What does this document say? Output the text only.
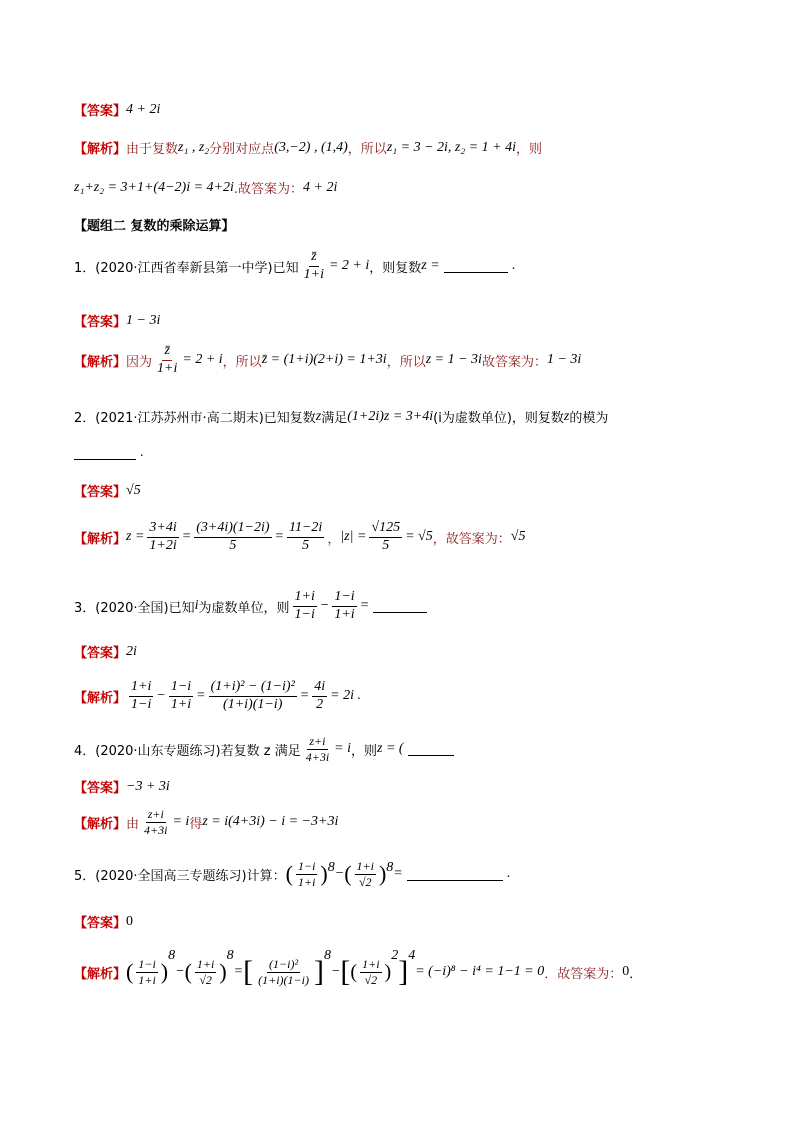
【答案】 4 + 2i
【解析】 由于复数 z₁ , z₂ 分别对应点 (3,−2) , (1,4) ，所以 z₁ = 3 − 2i, z₂ = 1 + 4i ，则
z₁+z₂ = 3+1+(4−2)i = 4+2i .故答案为： 4 + 2i
【题组二 复数的乘除运算】
1．(2020·江西省奉新县第一中学)已知 $\frac{z̄}{1+i} = 2 + i$ ，则复数 z =	.
【答案】 1 − 3i
【解析】 因为 $\frac{z̄}{1+i} = 2 + i$ ，所以 z̄ = (1+i)(2+i) = 1+3i ，所以 z = 1 − 3i 故答案为： 1 − 3i
2．(2021·江苏苏州市·高二期末)已知复数 z 满足 (1+2i)z = 3+4i (i为虚数单位)，则复数 z 的模为
.
【答案】 √5
【解析】 $z = \frac{3+4i}{1+2i} = \frac{(3+4i)(1-2i)}{5} = \frac{11-2i}{5}$ ， $|z| = \frac{√125}{5} = √5$ ，故答案为： √5
3．(2020·全国)已知 i 为虚数单位，则 $\frac{1+i}{1-i} - \frac{1-i}{1+i}$ =
【答案】 2i
【解析】 $\frac{1+i}{1-i} - \frac{1-i}{1+i} = \frac{\text{(1+i)² − (1−i)²}}{(1+i)(1-i)} = \frac{4i}{2} = 2i$ .
4．(2020·山东专题练习)若复数 z 满足 $\frac{z+i}{4+3i} = i$ ，则 z = (
【答案】 −3 + 3i
【解析】 由 $\frac{z+i}{4+3i} = i$ 得 z = i(4+3i) − i = −3+3i
5．(2020·全国高三专题练习)计算： ( $\frac{1-i}{1+i}$ ) 8 − ( $\frac{1+i}{√2}$ ) 8 =	.
【答案】 0
【解析】 ( $\frac{1-i}{1+i}$ )
8
− ( $\frac{1+i}{√2}$ )
8
= [ $\frac{\text{(1−i)²}}{(1+i)(1-i)}$ ] 8
− [ ( $\frac{1+i}{√2}$ )
2 ] 4
= (−i)⁸ − i⁴ = 1−1 = 0 ．故答案为： 0 ．
